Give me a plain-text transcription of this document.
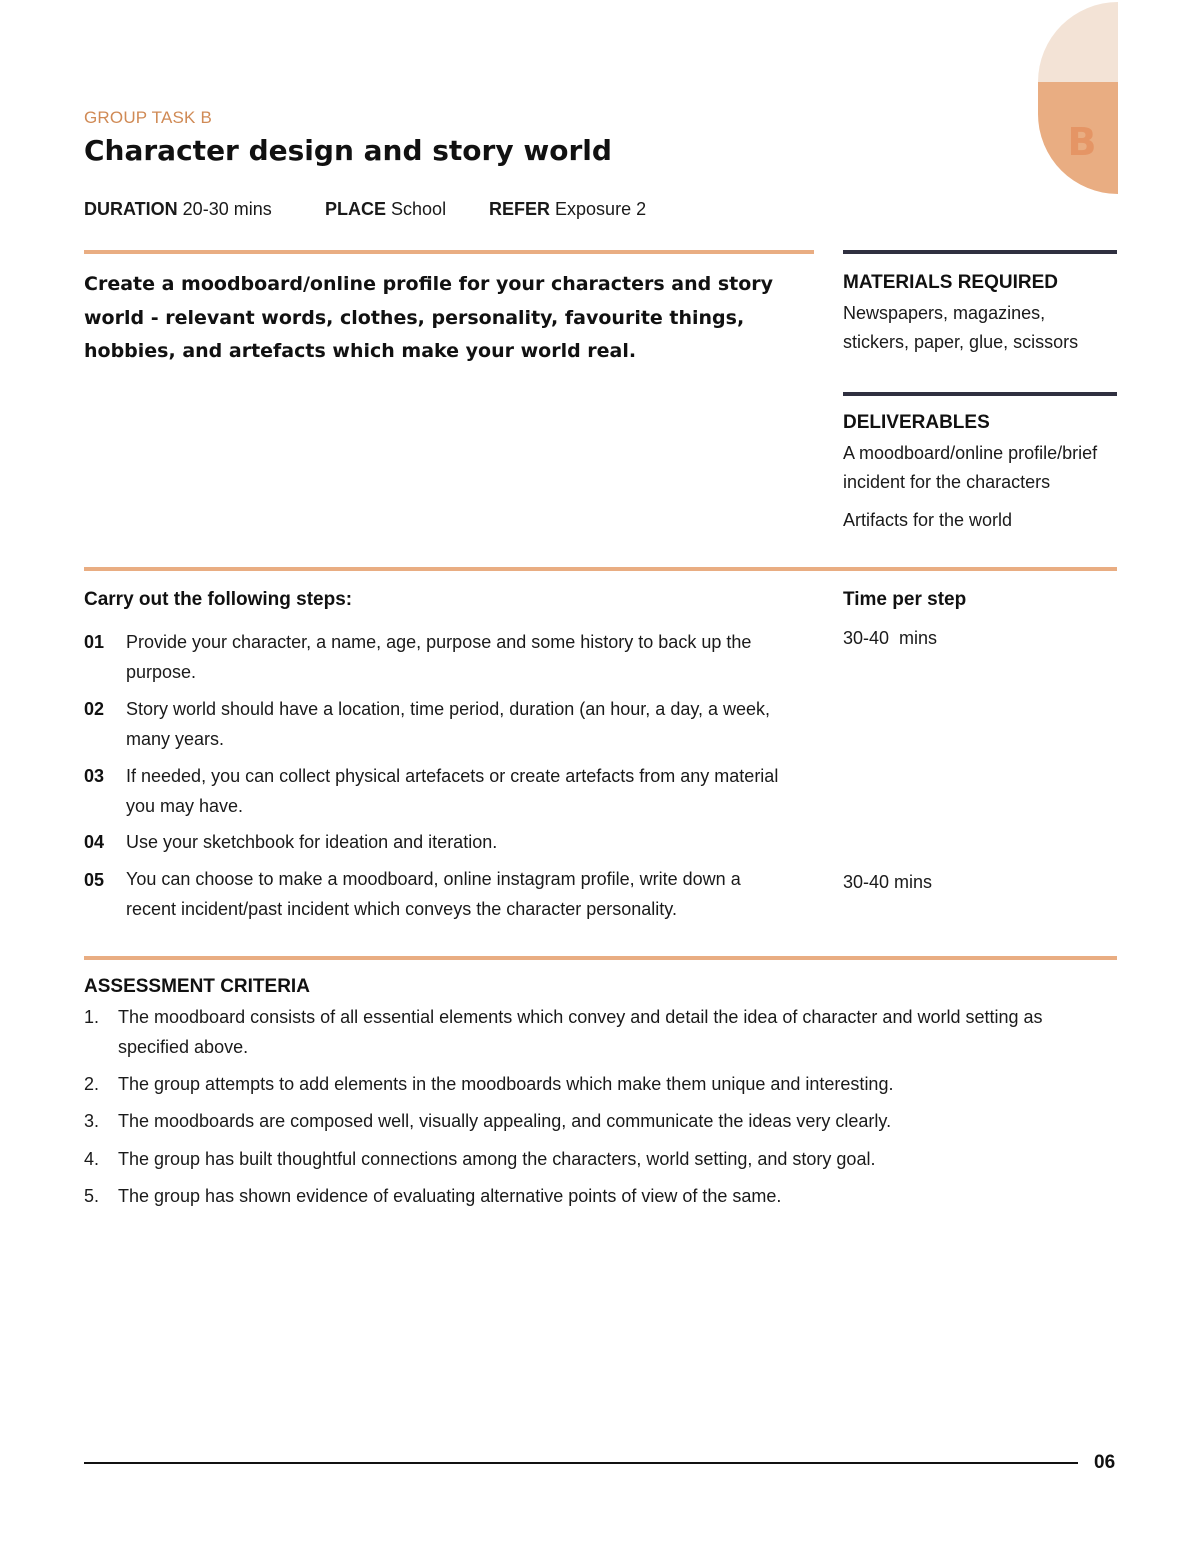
B
GROUP TASK B
Character design and story world
DURATION 20-30 mins	PLACE School REFER Exposure 2
Create a moodboard/online profile for your characters and story world - relevant words, clothes, personality, favourite things, hobbies, and artefacts which make your world real.
MATERIALS REQUIRED
Newspapers, magazines, stickers, paper, glue, scissors
DELIVERABLES
A moodboard/online profile/brief incident for the characters
Artifacts for the world
Carry out the following steps:	Time per step
01 Provide your character, a name, age, purpose and some history to back up the purpose.
30-40  mins
02 Story world should have a location, time period, duration (an hour, a day, a week, many years.
03 If needed, you can collect physical artefacets or create artefacts from any material you may have.
04 Use your sketchbook for ideation and iteration.
05 You can choose to make a moodboard, online instagram profile, write down a recent incident/past incident which conveys the character personality.
30-40 mins
ASSESSMENT CRITERIA
1. The moodboard consists of all essential elements which convey and detail the idea of character and world setting as specified above.
2. The group attempts to add elements in the moodboards which make them unique and interesting.
3. The moodboards are composed well, visually appealing, and communicate the ideas very clearly.
4. The group has built thoughtful connections among the characters, world setting, and story goal.
5. The group has shown evidence of evaluating alternative points of view of the same.
06
